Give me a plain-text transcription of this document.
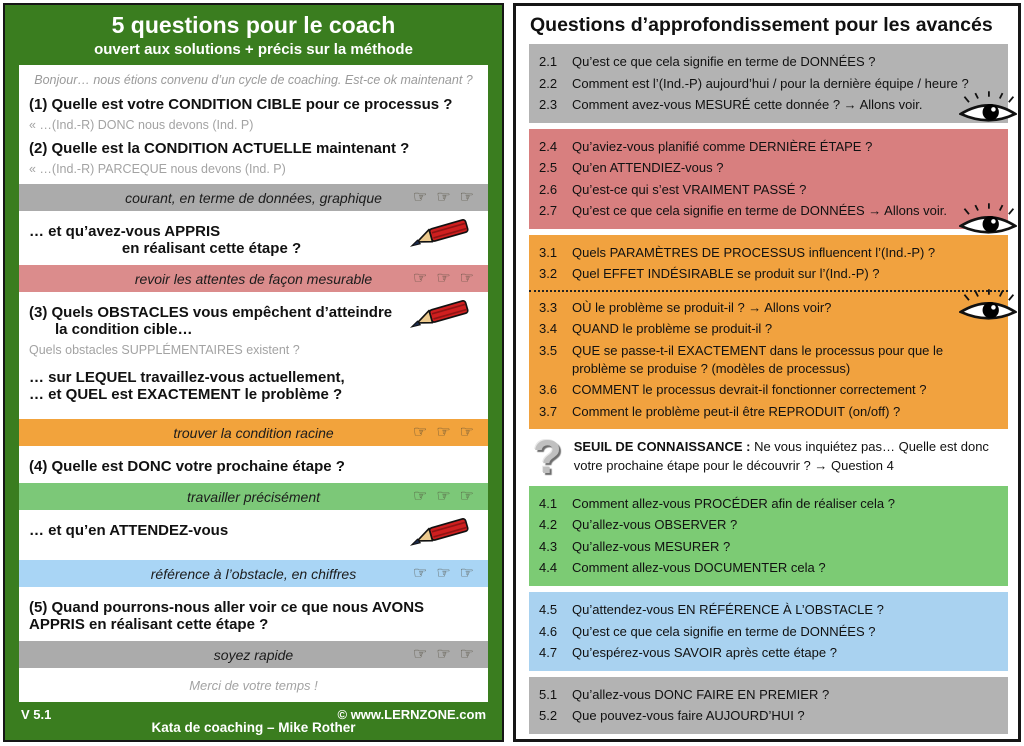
5 questions pour le coach
ouvert aux solutions + précis sur la méthode
Bonjour… nous étions convenu d’un cycle de coaching. Est-ce ok maintenant ?
(1) Quelle est votre CONDITION CIBLE pour ce processus ?
« …(Ind.-R) DONC nous devons (Ind. P)
(2) Quelle est la CONDITION ACTUELLE maintenant ?
« …(Ind.-R) PARCEQUE nous devons (Ind. P)
courant, en terme de données, graphique	☞ ☞ ☞
… et qu’avez-vous APPRIS
en réalisant cette étape ?
revoir les attentes de façon mesurable	☞ ☞ ☞
(3) Quels OBSTACLES vous empêchent d’atteindre
la condition cible…
Quels obstacles SUPPLÉMENTAIRES existent ?
… sur LEQUEL travaillez-vous actuellement,
… et QUEL est EXACTEMENT le problème ?
trouver la condition racine	☞ ☞ ☞
(4) Quelle est DONC votre prochaine étape ?
travailler précisément	☞ ☞ ☞
… et qu’en ATTENDEZ-vous
référence à l’obstacle, en chiffres	☞ ☞ ☞
(5) Quand pourrons-nous aller voir ce que nous AVONS APPRIS en réalisant cette étape ?
soyez rapide	☞ ☞ ☞
Merci de votre temps !
V 5.1	© www.LERNZONE.com
Kata de coaching – Mike Rother
Questions d’approfondissement pour les avancés
2.1	Qu’est ce que cela signifie en terme de DONNÉES ?
2.2	Comment est l’(Ind.-P) aujourd’hui / pour la dernière équipe / heure ?
2.3	Comment avez-vous MESURÉ cette donnée ? → Allons voir.
2.4	Qu’aviez-vous planifié comme DERNIÈRE ÉTAPE ?
2.5	Qu’en ATTENDIEZ-vous ?
2.6	Qu’est-ce qui s’est VRAIMENT PASSÉ ?
2.7	Qu’est ce que cela signifie en terme de DONNÉES → Allons voir.
3.1	Quels PARAMÈTRES DE PROCESSUS influencent l’(Ind.-P) ?
3.2	Quel EFFET INDÉSIRABLE se produit sur l’(Ind.-P) ?
3.3	OÙ le problème se produit-il ? → Allons voir?
3.4	QUAND le problème se produit-il ?
3.5	QUE se passe-t-il EXACTEMENT dans le processus pour que le problème se produise ? (modèles de processus)
3.6	COMMENT le processus devrait-il fonctionner correctement ?
3.7	Comment le problème peut-il être REPRODUIT (on/off) ?
? SEUIL DE CONNAISSANCE : Ne vous inquiétez pas… Quelle est donc votre prochaine étape pour le découvrir ? → Question 4
4.1	Comment allez-vous PROCÉDER afin de réaliser cela ?
4.2	Qu’allez-vous OBSERVER ?
4.3	Qu’allez-vous MESURER ?
4.4	Comment allez-vous DOCUMENTER cela ?
4.5	Qu’attendez-vous EN RÉFÉRENCE À L’OBSTACLE ?
4.6	Qu’est ce que cela signifie en terme de DONNÉES ?
4.7	Qu’espérez-vous SAVOIR après cette étape ?
5.1	Qu’allez-vous DONC FAIRE EN PREMIER ?
5.2	Que pouvez-vous faire AUJOURD’HUI ?
